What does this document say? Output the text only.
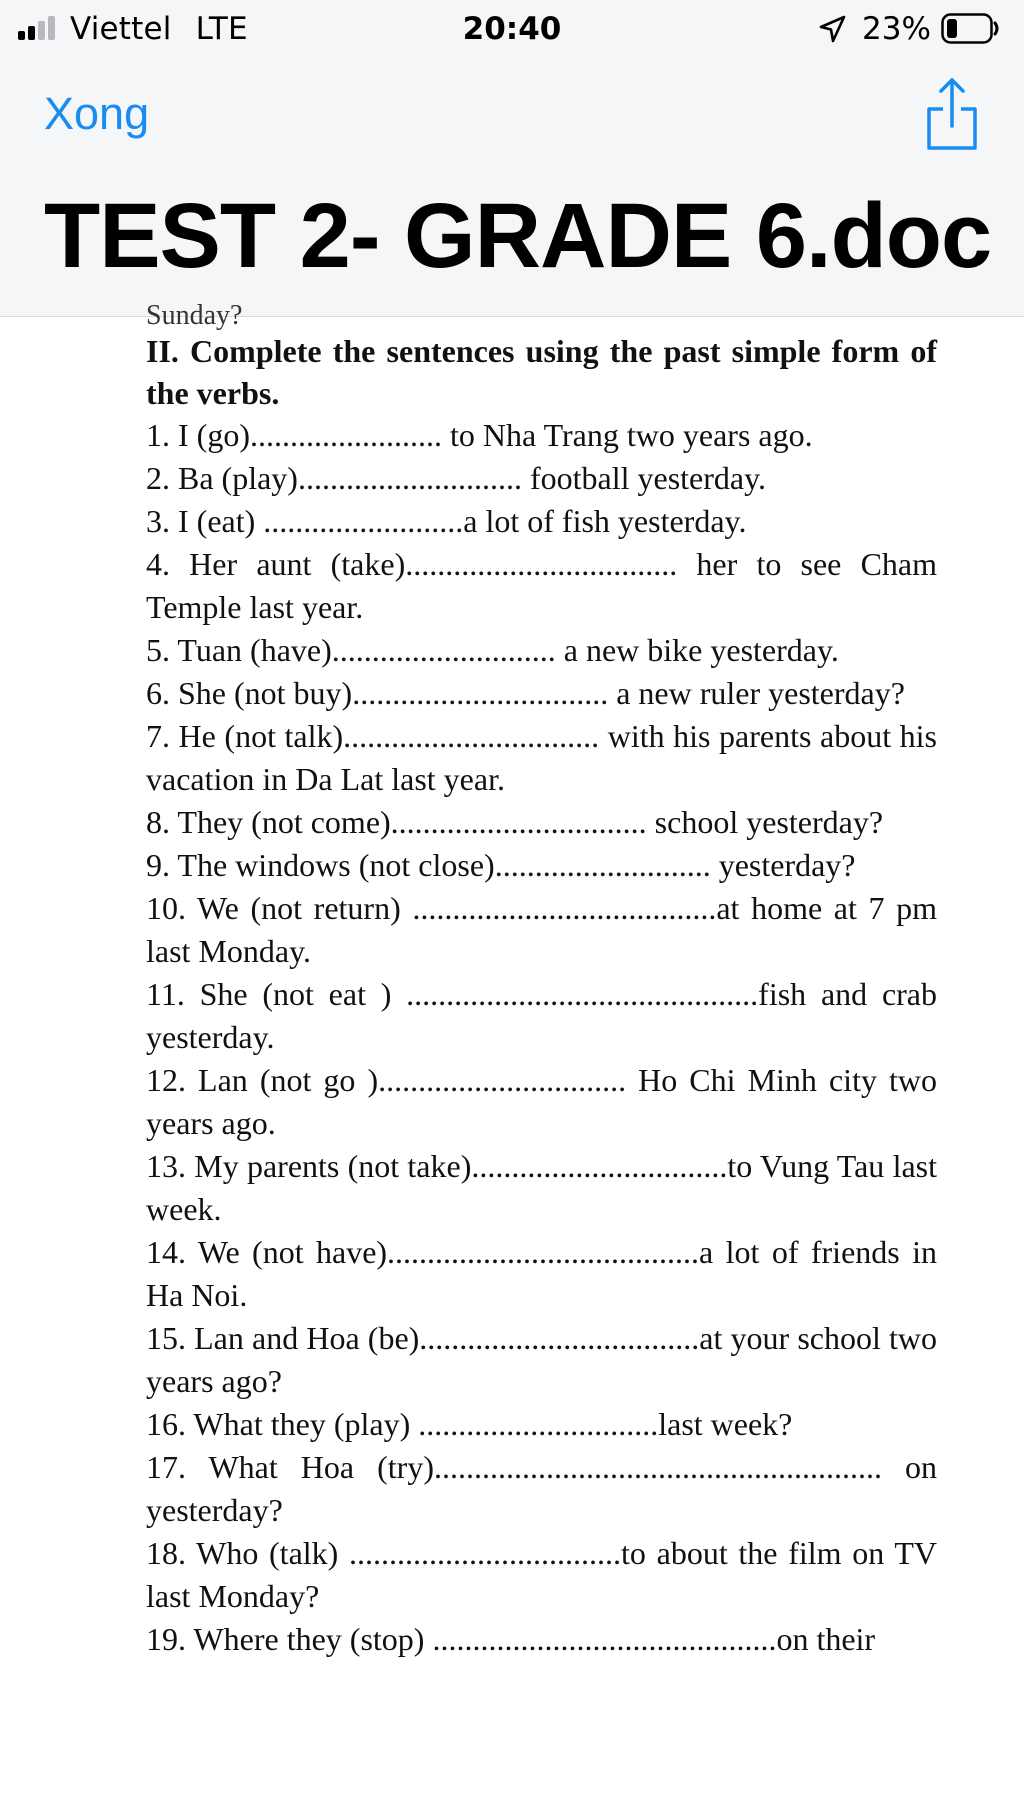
Viettel LTE	20:40	23%
Xong
TEST 2- GRADE 6.doc
Sunday?

II. Complete the sentences using the past simple form of the verbs.

1. I (go)........................ to Nha Trang two years ago.
2. Ba (play)............................ football yesterday.
3. I (eat) .........................a lot of fish yesterday.
4. Her aunt (take).................................. her to see Cham Temple last year.
5. Tuan (have)............................ a new bike yesterday.
6. She (not buy)................................ a new ruler yesterday?
7. He (not talk)................................ with his parents about his vacation in Da Lat last year.
8. They (not come)................................ school yesterday?
9. The windows (not close)........................... yesterday?
10. We (not return) ......................................at home at 7 pm last Monday.
11. She (not eat ) ............................................fish and crab yesterday.
12. Lan (not go )............................... Ho Chi Minh city two years ago.
13. My parents (not take)................................to Vung Tau last week.
14. We (not have).......................................a lot of friends in Ha Noi.
15. Lan and Hoa (be)...................................at your school two years ago?
16. What they (play) ..............................last week?
17. What Hoa (try)........................................................ on yesterday?
18. Who (talk) ..................................to about the film on TV last Monday?
19. Where they (stop) ...........................................on their
